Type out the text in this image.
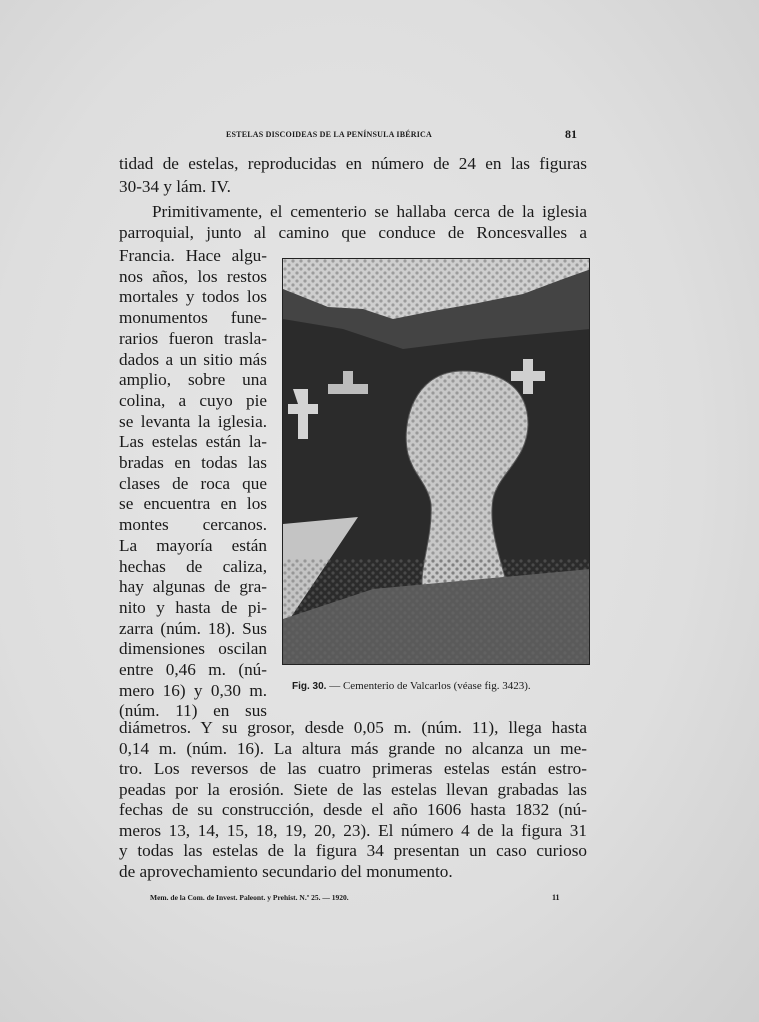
ESTELAS DISCOIDEAS DE LA PENÍNSULA IBÉRICA	81
tidad de estelas, reproducidas en número de 24 en las figuras
30-34 y lám. IV.
Primitivamente, el cementerio se hallaba cerca de la iglesia
parroquial, junto al camino que conduce de Roncesvalles a
Francia. Hace algu-
nos años, los restos
mortales y todos los
monumentos fune-
rarios fueron trasla-
dados a un sitio más
amplio, sobre una
colina, a cuyo pie
se levanta la iglesia.
Las estelas están la-
bradas en todas las
clases de roca que
se encuentra en los
montes cercanos.
La mayoría están
hechas de caliza,
hay algunas de gra-
nito y hasta de pi-
zarra (núm. 18). Sus
dimensiones oscilan
entre 0,46 m. (nú-
mero 16) y 0,30 m.
(núm. 11) en sus
Fig. 30. — Cementerio de Valcarlos (véase fig. 3423).
diámetros. Y su grosor, desde 0,05 m. (núm. 11), llega hasta
0,14 m. (núm. 16). La altura más grande no alcanza un me-
tro. Los reversos de las cuatro primeras estelas están estro-
peadas por la erosión. Siete de las estelas llevan grabadas las
fechas de su construcción, desde el año 1606 hasta 1832 (nú-
meros 13, 14, 15, 18, 19, 20, 23). El número 4 de la figura 31
y todas las estelas de la figura 34 presentan un caso curioso
de aprovechamiento secundario del monumento.
Mem. de la Com. de Invest. Paleont. y Prehist. N.º 25. — 1920.	11
